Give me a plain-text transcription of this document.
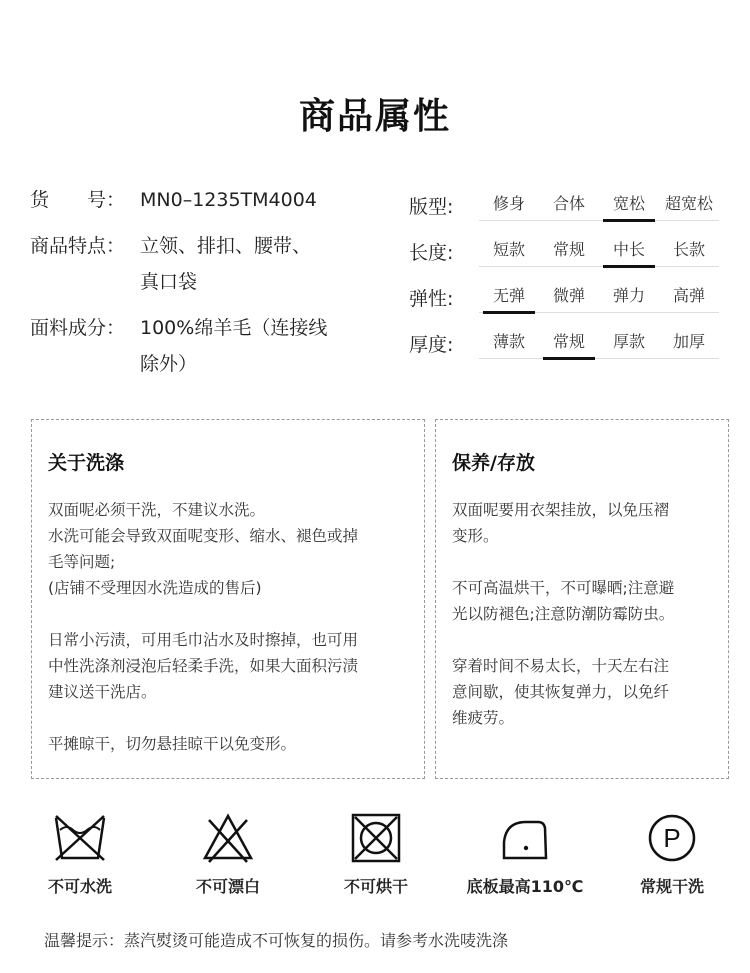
商品属性
货　　号： MN0–1235TM4004
商品特点： 立领、排扣、腰带、
真口袋
面料成分： 100%绵羊毛（连接线
除外）
版型:	修身	合体	宽松	超宽松
长度:	短款	常规	中长	长款
弹性:	无弹	微弹	弹力	高弹
厚度:	薄款	常规	厚款	加厚
关于洗涤
双面呢必须干洗，不建议水洗。
水洗可能会导致双面呢变形、缩水、褪色或掉
毛等问题;
(店铺不受理因水洗造成的售后)
日常小污渍，可用毛巾沾水及时擦掉，也可用
中性洗涤剂浸泡后轻柔手洗，如果大面积污渍
建议送干洗店。
平摊晾干，切勿悬挂晾干以免变形。
保养/存放
双面呢要用衣架挂放，以免压褶
变形。
不可高温烘干，不可曝晒;注意避
光以防褪色;注意防潮防霉防虫。
穿着时间不易太长，十天左右注
意间歇，使其恢复弹力，以免纤
维疲劳。
不可水洗	不可漂白	不可烘干	底板最高110℃
P
常规干洗
温馨提示：蒸汽熨烫可能造成不可恢复的损伤。请参考水洗唛洗涤
